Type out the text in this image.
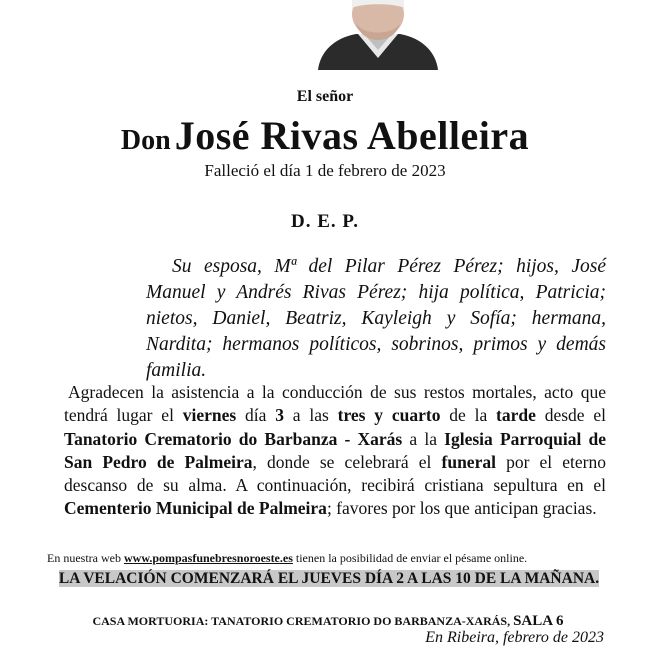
El señor
Don José Rivas Abelleira
Falleció el día 1 de febrero de 2023
D. E. P.
Su esposa, Mª del Pilar Pérez Pérez; hijos, José Manuel y Andrés Rivas Pérez; hija política, Patricia; nietos, Daniel, Beatriz, Kayleigh y Sofía; hermana, Nardita; hermanos políticos, sobrinos, primos y demás familia.
Agradecen la asistencia a la conducción de sus restos mortales, acto que tendrá lugar el viernes día 3 a las tres y cuarto de la tarde desde el Tanatorio Crematorio do Barbanza - Xarás a la Iglesia Parroquial de San Pedro de Palmeira, donde se celebrará el funeral por el eterno descanso de su alma. A continuación, recibirá cristiana sepultura en el Cementerio Municipal de Palmeira; favores por los que anticipan gracias.
En nuestra web www.pompasfunebresnoroeste.es tienen la posibilidad de enviar el pésame online.
LA VELACIÓN COMENZARÁ EL JUEVES DÍA 2 A LAS 10 DE LA MAÑANA.
CASA MORTUORIA: TANATORIO CREMATORIO DO BARBANZA-XARÁS, SALA 6
En Ribeira, febrero de 2023
